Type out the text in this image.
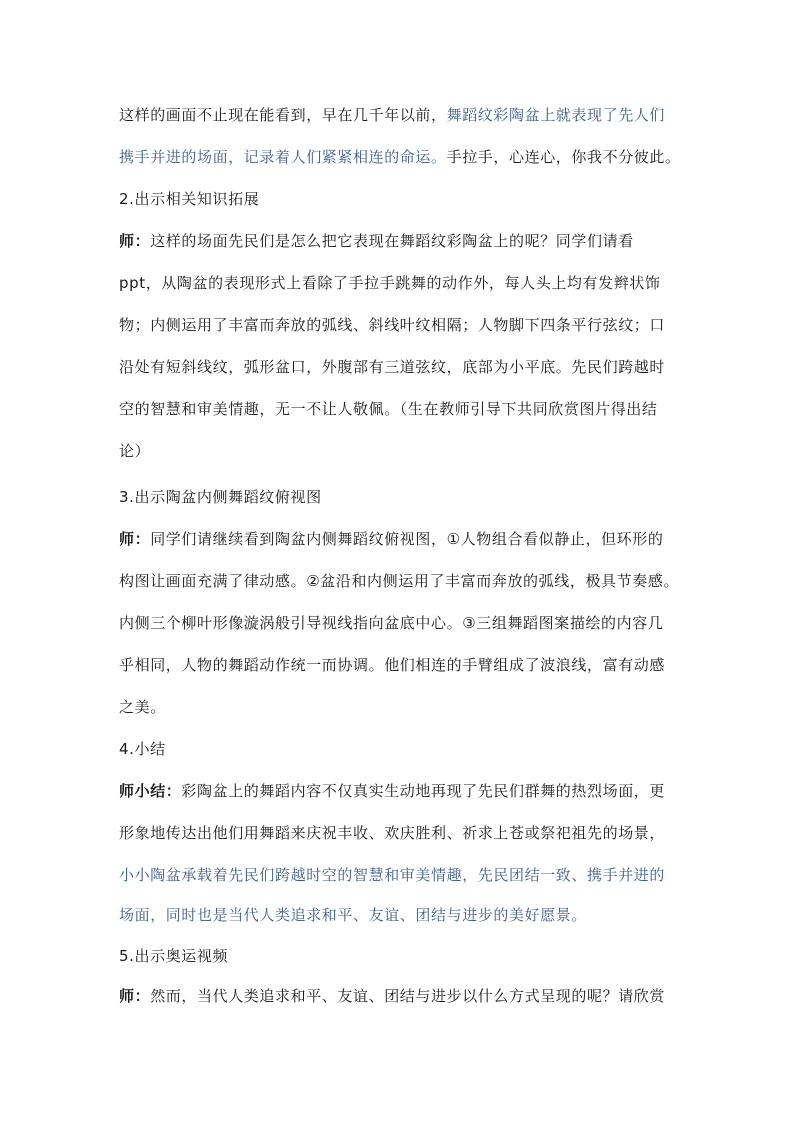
这样的画面不止现在能看到，早在几千年以前，舞蹈纹彩陶盆上就表现了先人们
携手并进的场面，记录着人们紧紧相连的命运。手拉手，心连心，你我不分彼此。
2.出示相关知识拓展
师：这样的场面先民们是怎么把它表现在舞蹈纹彩陶盆上的呢？同学们请看
ppt，从陶盆的表现形式上看除了手拉手跳舞的动作外，每人头上均有发辫状饰
物；内侧运用了丰富而奔放的弧线、斜线叶纹相隔；人物脚下四条平行弦纹；口
沿处有短斜线纹，弧形盆口，外腹部有三道弦纹，底部为小平底。先民们跨越时
空的智慧和审美情趣，无一不让人敬佩。（生在教师引导下共同欣赏图片得出结
论）
3.出示陶盆内侧舞蹈纹俯视图
师：同学们请继续看到陶盆内侧舞蹈纹俯视图，①人物组合看似静止，但环形的
构图让画面充满了律动感。②盆沿和内侧运用了丰富而奔放的弧线，极具节奏感。
内侧三个柳叶形像漩涡般引导视线指向盆底中心。③三组舞蹈图案描绘的内容几
乎相同，人物的舞蹈动作统一而协调。他们相连的手臂组成了波浪线，富有动感
之美。
4.小结
师小结：彩陶盆上的舞蹈内容不仅真实生动地再现了先民们群舞的热烈场面，更
形象地传达出他们用舞蹈来庆祝丰收、欢庆胜利、祈求上苍或祭祀祖先的场景，
小小陶盆承载着先民们跨越时空的智慧和审美情趣，先民团结一致、携手并进的
场面，同时也是当代人类追求和平、友谊、团结与进步的美好愿景。
5.出示奥运视频
师：然而，当代人类追求和平、友谊、团结与进步以什么方式呈现的呢？请欣赏
